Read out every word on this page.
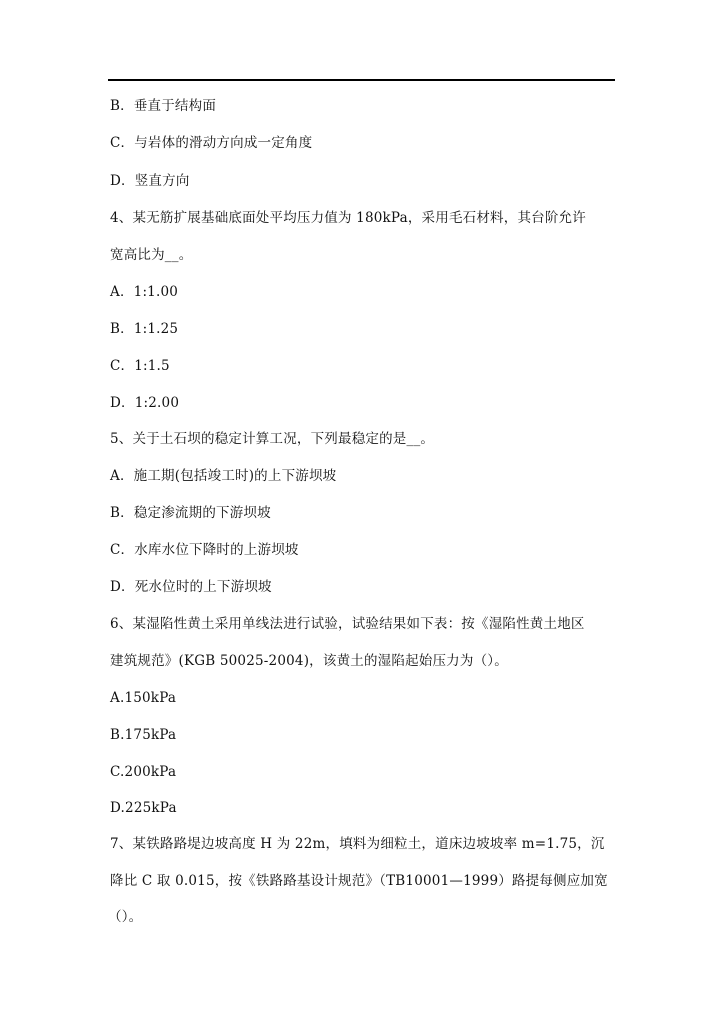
B．垂直于结构面
C．与岩体的滑动方向成一定角度
D．竖直方向
4、某无筋扩展基础底面处平均压力值为 180kPa，采用毛石材料，其台阶允许
宽高比为__。
A．1:1.00
B．1:1.25
C．1:1.5
D．1:2.00
5、关于土石坝的稳定计算工况，下列最稳定的是__。
A．施工期(包括竣工时)的上下游坝坡
B．稳定渗流期的下游坝坡
C．水库水位下降时的上游坝坡
D．死水位时的上下游坝坡
6、某湿陷性黄土采用单线法进行试验，试验结果如下表：按《湿陷性黄土地区
建筑规范》(KGB 50025-2004)，该黄土的湿陷起始压力为（）。
A.150kPa
B.175kPa
C.200kPa
D.225kPa
7、某铁路路堤边坡高度 H 为 22m，填料为细粒土，道床边坡坡率 m=1.75，沉
降比 C 取 0.015，按《铁路路基设计规范》（TB10001—1999）路提每侧应加宽
（）。
